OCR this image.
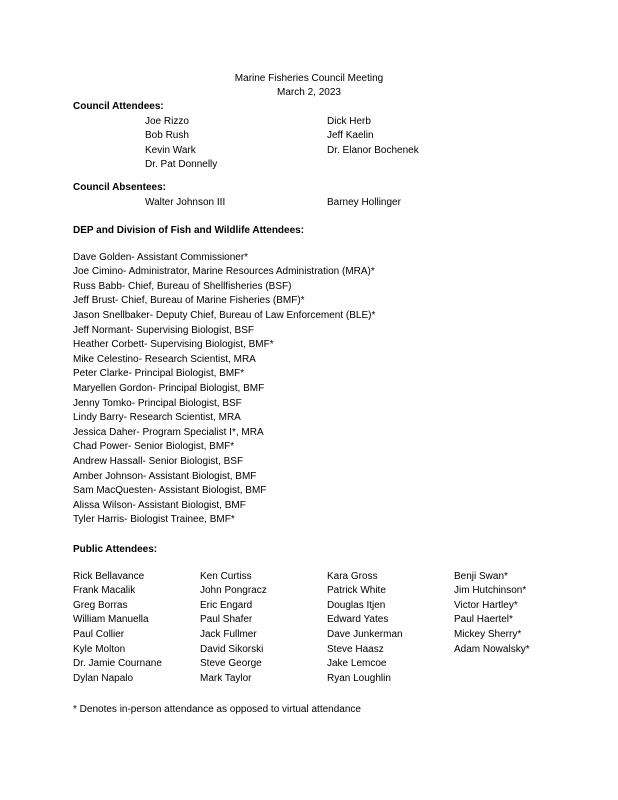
Marine Fisheries Council Meeting
March 2, 2023
Council Attendees:
Joe Rizzo
Bob Rush
Kevin Wark
Dr. Pat Donnelly
Dick Herb
Jeff Kaelin
Dr. Elanor Bochenek
Council Absentees:
Walter Johnson III	Barney Hollinger
DEP and Division of Fish and Wildlife Attendees:
Dave Golden- Assistant Commissioner*
Joe Cimino- Administrator, Marine Resources Administration (MRA)*
Russ Babb- Chief, Bureau of Shellfisheries (BSF)
Jeff Brust- Chief, Bureau of Marine Fisheries (BMF)*
Jason Snellbaker- Deputy Chief, Bureau of Law Enforcement (BLE)*
Jeff Normant- Supervising Biologist, BSF
Heather Corbett- Supervising Biologist, BMF*
Mike Celestino- Research Scientist, MRA
Peter Clarke- Principal Biologist, BMF*
Maryellen Gordon- Principal Biologist, BMF
Jenny Tomko- Principal Biologist, BSF
Lindy Barry- Research Scientist, MRA
Jessica Daher- Program Specialist I*, MRA
Chad Power- Senior Biologist, BMF*
Andrew Hassall- Senior Biologist, BSF
Amber Johnson- Assistant Biologist, BMF
Sam MacQuesten- Assistant Biologist, BMF
Alissa Wilson- Assistant Biologist, BMF
Tyler Harris- Biologist Trainee, BMF*
Public Attendees:
Rick Bellavance
Frank Macalik
Greg Borras
William Manuella
Paul Collier
Kyle Molton
Dr. Jamie Cournane
Dylan Napalo
Ken Curtiss
John Pongracz
Eric Engard
Paul Shafer
Jack Fullmer
David Sikorski
Steve George
Mark Taylor
Kara Gross
Patrick White
Douglas Itjen
Edward Yates
Dave Junkerman
Steve Haasz
Jake Lemcoe
Ryan Loughlin
Benji Swan*
Jim Hutchinson*
Victor Hartley*
Paul Haertel*
Mickey Sherry*
Adam Nowalsky*
* Denotes in-person attendance as opposed to virtual attendance
